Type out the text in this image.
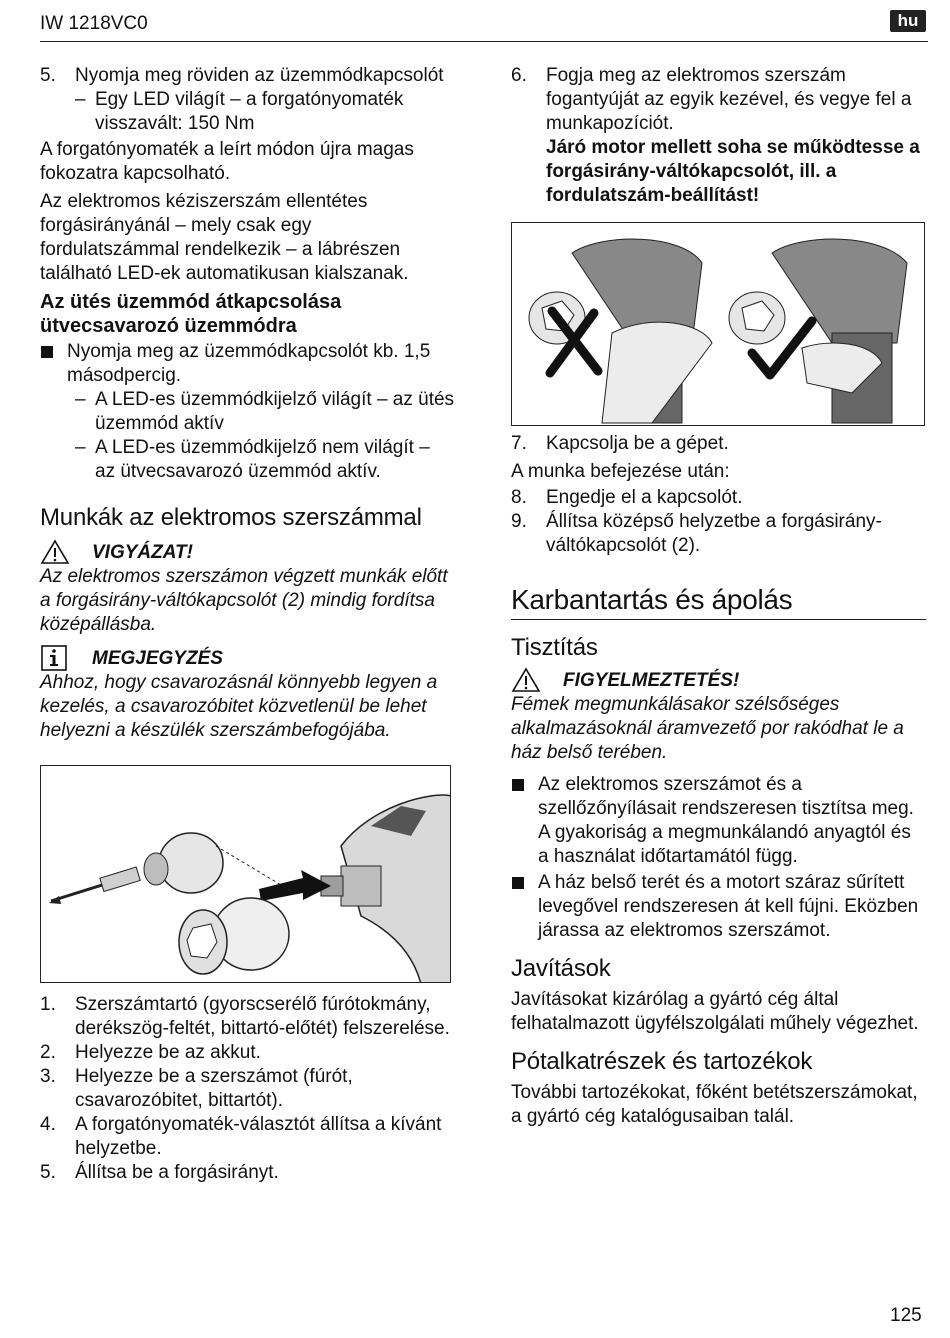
IW 1218VC0	hu
5.	Nyomja meg röviden az üzemmódkapcsolót
– Egy LED világít – a forgatónyomaték visszavált: 150 Nm

A forgatónyomaték a leírt módon újra magas fokozatra kapcsolható.

Az elektromos kéziszerszám ellentétes forgásirányánál – mely csak egy fordulatszámmal rendelkezik – a lábrészen található LED-ek automatikusan kialszanak.

Az ütés üzemmód átkapcsolása ütvecsavarozó üzemmódra
Nyomja meg az üzemmódkapcsolót kb. 1,5 másodpercig.
– A LED-es üzemmódkijelző világít – az ütés üzemmód aktív
– A LED-es üzemmódkijelző nem világít – az ütvecsavarozó üzemmód aktív.
Munkák az elektromos szerszámmal
VIGYÁZAT!

Az elektromos szerszámon végzett munkák előtt a forgásirány-váltókapcsolót (2) mindig fordítsa középállásba.

MEGJEGYZÉS

Ahhoz, hogy csavarozásnál könnyebb legyen a kezelés, a csavarozóbitet közvetlenül be lehet helyezni a készülék szerszámbefogójába.

1.	Szerszámtartó (gyorscserélő fúrótokmány, derékszög-feltét, bittartó-előtét) felszerelése.
2.	Helyezze be az akkut.
3.	Helyezze be a szerszámot (fúrót, csavarozóbitet, bittartót).
4.	A forgatónyomaték-választót állítsa a kívánt helyzetbe.
5.	Állítsa be a forgásirányt.
6.	Fogja meg az elektromos szerszám fogantyúját az egyik kezével, és vegye fel a munkapozíciót.
Járó motor mellett soha se működtesse a forgásirány-váltókapcsolót, ill. a fordulatszám-beállítást!
7.	Kapcsolja be a gépet.

A munka befejezése után:

8.	Engedje el a kapcsolót.
9.	Állítsa középső helyzetbe a forgásirány-váltókapcsolót (2).
Karbantartás és ápolás
Tisztítás
FIGYELMEZTETÉS!

Fémek megmunkálásakor szélsőséges alkalmazásoknál áramvezető por rakódhat le a ház belső terében.

Az elektromos szerszámot és a szellőzőnyílásait rendszeresen tisztítsa meg. A gyakoriság a megmunkálandó anyagtól és a használat időtartamától függ.
A ház belső terét és a motort száraz sűrített levegővel rendszeresen át kell fújni. Eközben járassa az elektromos szerszámot.
Javítások

Javításokat kizárólag a gyártó cég által felhatalmazott ügyfélszolgálati műhely végezhet.

Pótalkatrészek és tartozékok

További tartozékokat, főként betétszerszámokat, a gyártó cég katalógusaiban talál.

125
